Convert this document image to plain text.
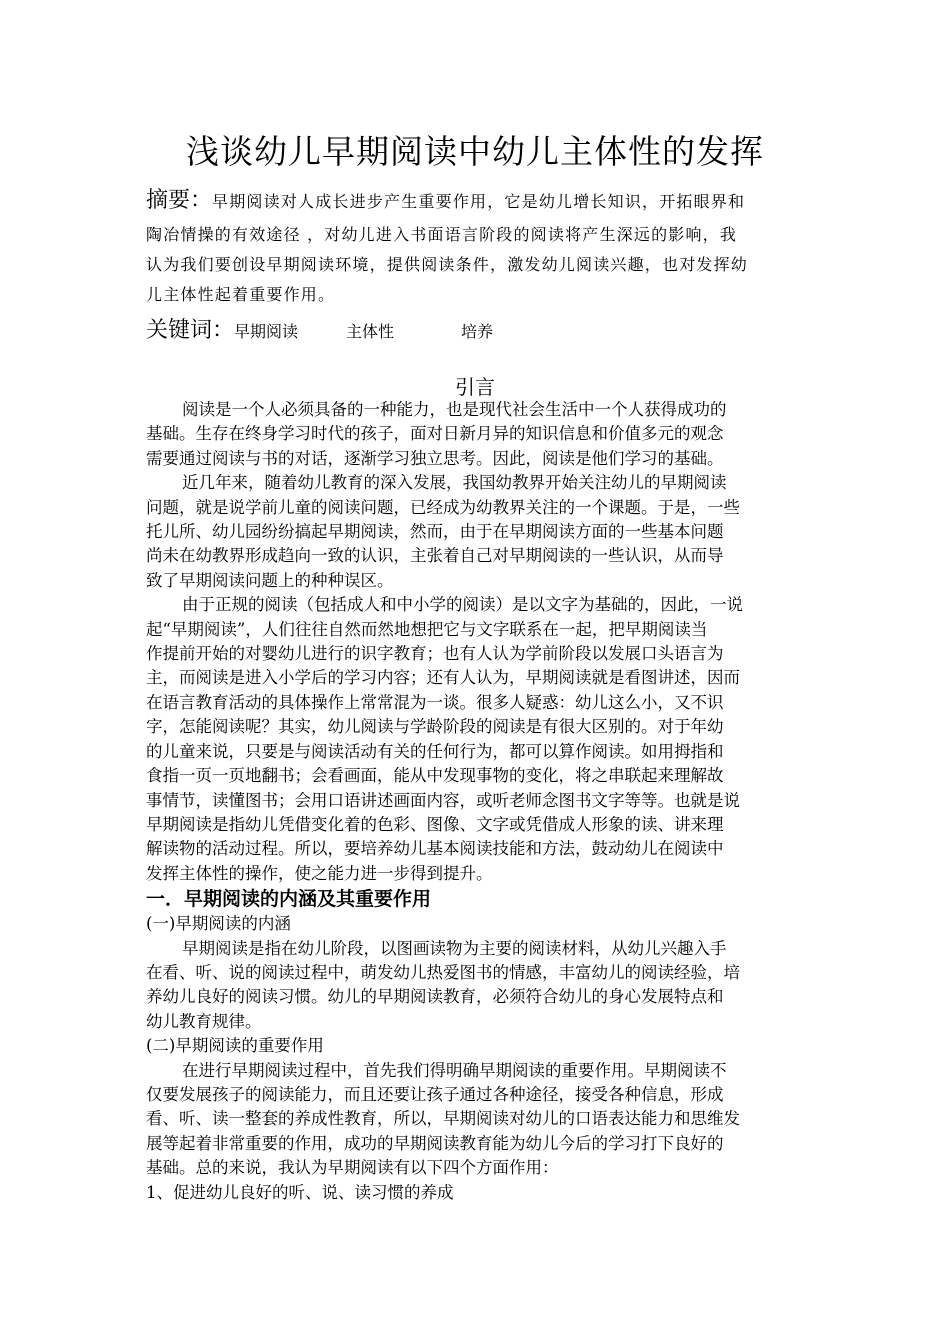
浅谈幼儿早期阅读中幼儿主体性的发挥
摘要：早期阅读对人成长进步产生重要作用，它是幼儿增长知识，开拓眼界和
陶冶情操的有效途径 ，对幼儿进入书面语言阶段的阅读将产生深远的影响，我
认为我们要创设早期阅读环境，提供阅读条件，激发幼儿阅读兴趣，也对发挥幼
儿主体性起着重要作用。
关键词：早期阅读	主体性	培养
引言
阅读是一个人必须具备的一种能力，也是现代社会生活中一个人获得成功的
基础。生存在终身学习时代的孩子，面对日新月异的知识信息和价值多元的观念
需要通过阅读与书的对话，逐渐学习独立思考。因此，阅读是他们学习的基础。
近几年来，随着幼儿教育的深入发展，我国幼教界开始关注幼儿的早期阅读
问题，就是说学前儿童的阅读问题，已经成为幼教界关注的一个课题。于是，一些
托儿所、幼儿园纷纷搞起早期阅读，然而，由于在早期阅读方面的一些基本问题
尚未在幼教界形成趋向一致的认识，主张着自己对早期阅读的一些认识，从而导
致了早期阅读问题上的种种误区。
由于正规的阅读（包括成人和中小学的阅读）是以文字为基础的，因此，一说
起“早期阅读”，人们往往自然而然地想把它与文字联系在一起，把早期阅读当
作提前开始的对婴幼儿进行的识字教育；也有人认为学前阶段以发展口头语言为
主，而阅读是进入小学后的学习内容；还有人认为，早期阅读就是看图讲述，因而
在语言教育活动的具体操作上常常混为一谈。很多人疑惑：幼儿这么小，又不识
字，怎能阅读呢？其实，幼儿阅读与学龄阶段的阅读是有很大区别的。对于年幼
的儿童来说，只要是与阅读活动有关的任何行为，都可以算作阅读。如用拇指和
食指一页一页地翻书；会看画面，能从中发现事物的变化，将之串联起来理解故
事情节，读懂图书；会用口语讲述画面内容，或听老师念图书文字等等。也就是说
早期阅读是指幼儿凭借变化着的色彩、图像、文字或凭借成人形象的读、讲来理
解读物的活动过程。所以，要培养幼儿基本阅读技能和方法，鼓动幼儿在阅读中
发挥主体性的操作，使之能力进一步得到提升。
一．早期阅读的内涵及其重要作用
(一)早期阅读的内涵
早期阅读是指在幼儿阶段，以图画读物为主要的阅读材料，从幼儿兴趣入手
在看、听、说的阅读过程中，萌发幼儿热爱图书的情感，丰富幼儿的阅读经验，培
养幼儿良好的阅读习惯。幼儿的早期阅读教育，必须符合幼儿的身心发展特点和
幼儿教育规律。
(二)早期阅读的重要作用
在进行早期阅读过程中，首先我们得明确早期阅读的重要作用。早期阅读不
仅要发展孩子的阅读能力，而且还要让孩子通过各种途径，接受各种信息，形成
看、听、读一整套的养成性教育，所以，早期阅读对幼儿的口语表达能力和思维发
展等起着非常重要的作用，成功的早期阅读教育能为幼儿今后的学习打下良好的
基础。总的来说，我认为早期阅读有以下四个方面作用：
1、促进幼儿良好的听、说、读习惯的养成
